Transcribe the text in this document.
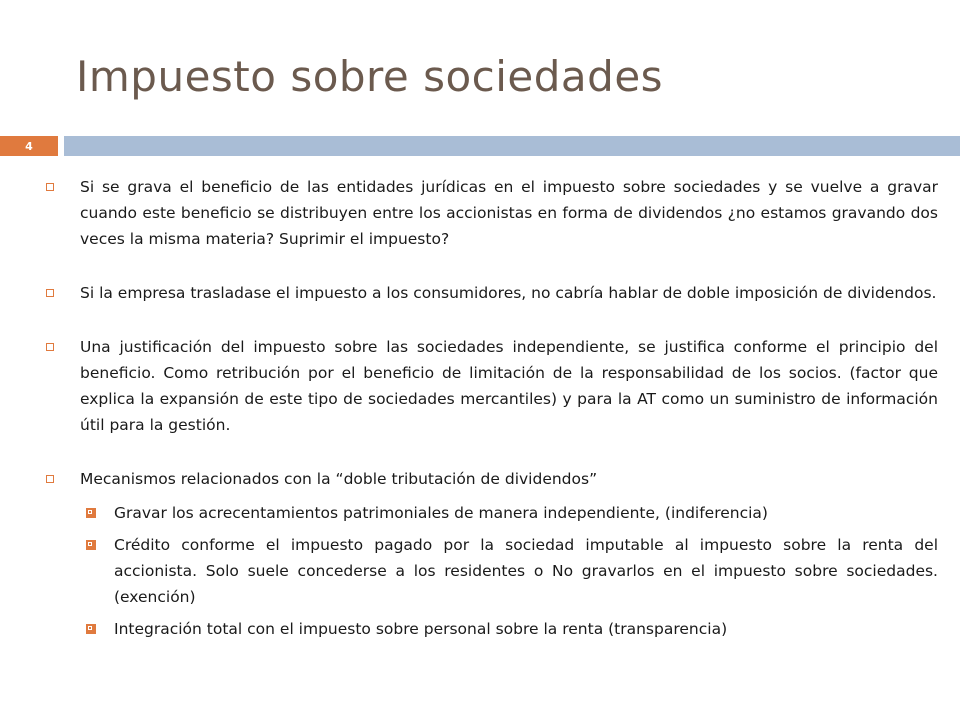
Impuesto sobre sociedades
4
Si se grava el beneficio de las entidades jurídicas en el impuesto sobre sociedades y se vuelve a gravar cuando este beneficio se distribuyen entre los accionistas en forma de dividendos ¿no estamos gravando dos veces la misma materia? Suprimir el impuesto?
Si la empresa trasladase el impuesto a los consumidores, no cabría hablar de doble imposición de dividendos.
Una justificación del impuesto sobre las sociedades independiente, se justifica conforme el principio del beneficio. Como retribución por el beneficio de limitación de la responsabilidad de los socios. (factor que explica la expansión de este tipo de sociedades mercantiles) y para la AT como un suministro de información útil para la gestión.
Mecanismos relacionados con la “doble tributación de dividendos”
Gravar los acrecentamientos patrimoniales de manera independiente, (indiferencia)
Crédito conforme el impuesto pagado por la sociedad imputable al impuesto sobre la renta del accionista. Solo suele concederse a los residentes o No gravarlos en el impuesto sobre sociedades.(exención)
Integración total con el impuesto sobre personal sobre la renta (transparencia)
